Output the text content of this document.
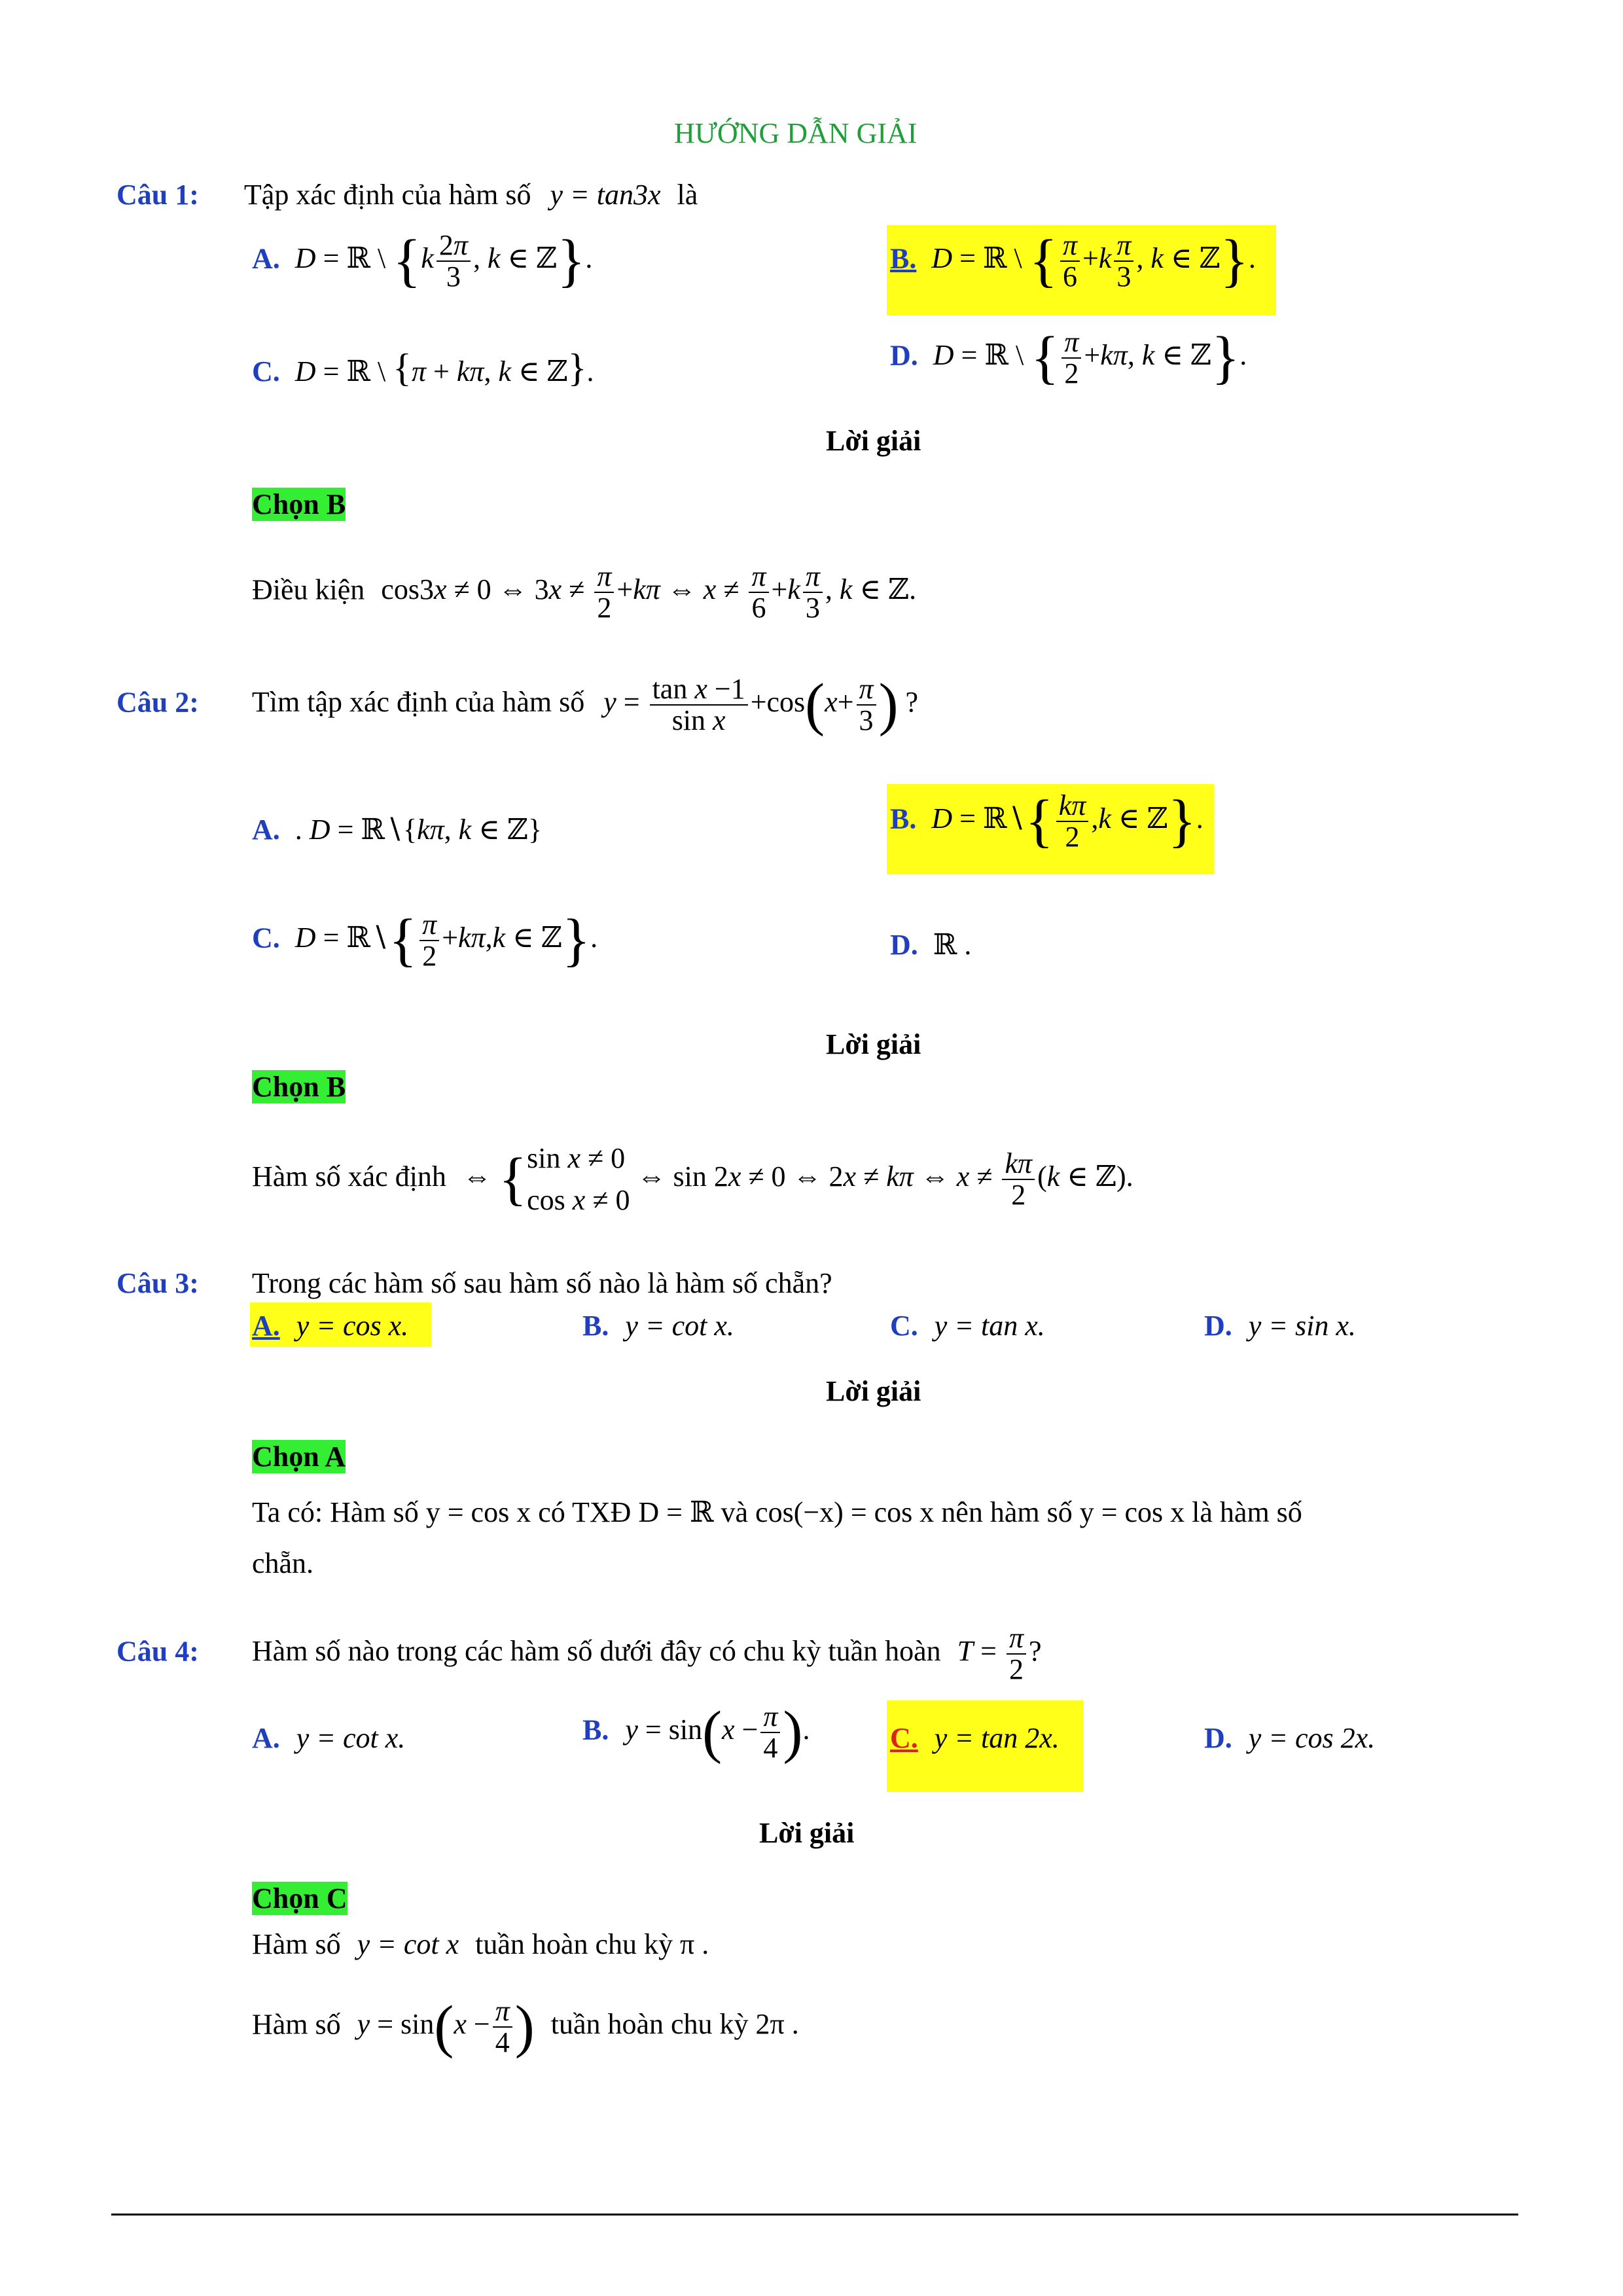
HƯỚNG DẪN GIẢI
Câu 1: Tập xác định của hàm số y = tan3x là
A. D = ℝ \ {$k \frac{2\pi}{3}$ , k ∈ ℤ}.	B. D = ℝ \ { $\frac{\pi}{6} +k \frac{\pi}{3}$ , k ∈ ℤ}.
C. D = ℝ \ {π + kπ, k ∈ ℤ}.
D. D = ℝ \ { $\frac{\pi}{2} +k\pi$, k ∈ ℤ}.
Lời giải
Chọn B
Điều kiện cos3x ≠ 0 ⇔ $3x \ne \frac{\pi}{2} +k\pi$ ⇔ $x \ne \frac{\pi}{6} +k \frac{\pi}{3}$ , k ∈ ℤ.
Câu 2: Tìm tập xác định của hàm số $y = \frac{\text{tan x −1}}{\text{sin x}} +\cos(x+ \frac{\pi}{3}$ ) ?
A. . D = ℝ∖{kπ, k ∈ ℤ}	B. D = ℝ∖{ $\frac{k\pi}{2} ,k$ ∈ ℤ}.
C. D = ℝ∖{ $\frac{\pi}{2} +k\pi,k$ ∈ ℤ}.	D. ℝ .
Lời giải
Chọn B
Hàm số xác định ⇔ { sin x ≠ 0
cos x ≠ 0
⇔ sin 2x ≠ 0 ⇔ 2x ≠ kπ ⇔ $x \ne \frac{k\pi}{2} (k$ ∈ ℤ).
Câu 3: Trong các hàm số sau hàm số nào là hàm số chẵn?
A. y = cos x.	B. y = cot x.	C. y = tan x.	D. y = sin x.
Lời giải
Chọn A
Ta có: Hàm số y = cos x có TXĐ D = ℝ và cos(−x) = cos x nên hàm số y = cos x là hàm số
chẵn.
Câu 4: Hàm số nào trong các hàm số dưới đây có chu kỳ tuần hoàn $T = \frac{\pi}{2}$ ?
A. y = cot x.	B. $y = \sin(x - \frac{\pi}{4}$ ).	C. y = tan 2x.	D. y = cos 2x.
Lời giải
Chọn C
Hàm số y = cot x tuần hoàn chu kỳ π .
Hàm số $y = \sin(x - \frac{\pi}{4}$ ) tuần hoàn chu kỳ 2π .
